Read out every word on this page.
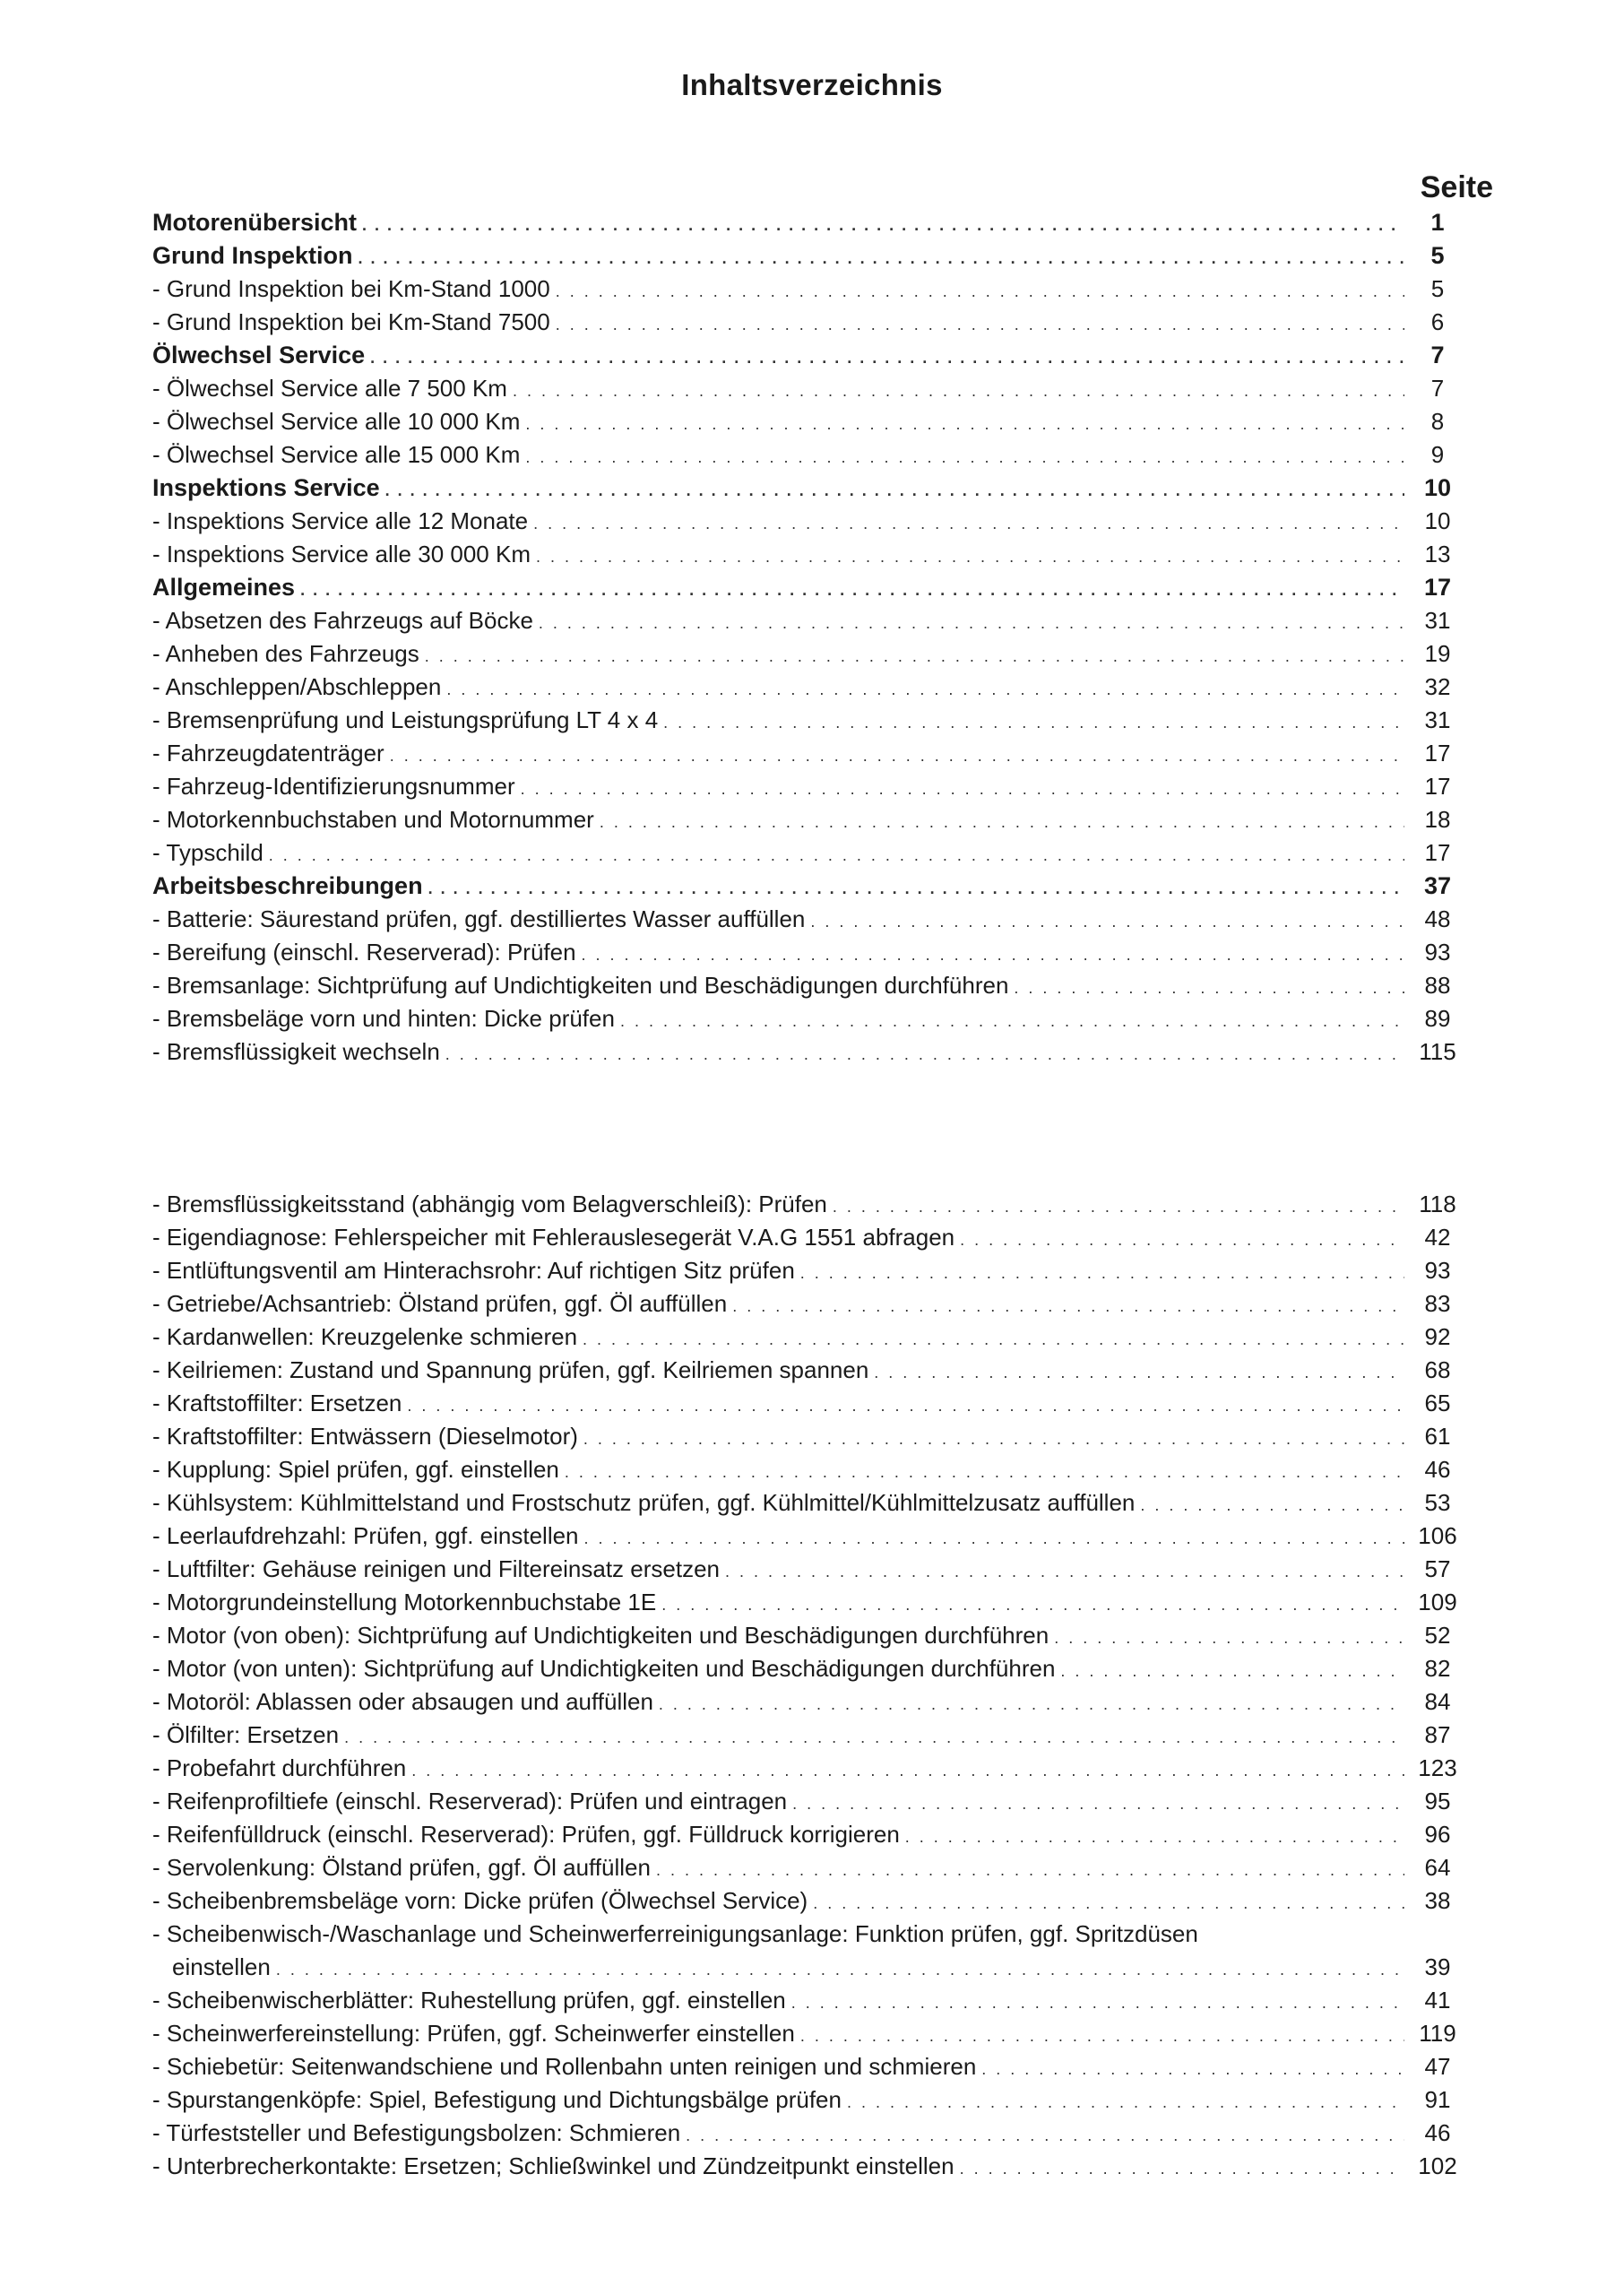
Inhaltsverzeichnis
Seite
Motorenübersicht . . .	1
Grund Inspektion . . .	5
- Grund Inspektion bei Km-Stand 1000 . . .	5
- Grund Inspektion bei Km-Stand 7500 . . .	6
Ölwechsel Service . . .	7
- Ölwechsel Service alle 7 500 Km . . .	7
- Ölwechsel Service alle 10 000 Km . . .	8
- Ölwechsel Service alle 15 000 Km . . .	9
Inspektions Service . . .	10
- Inspektions Service alle 12 Monate . . .	10
- Inspektions Service alle 30 000 Km . . .	13
Allgemeines . . .	17
- Absetzen des Fahrzeugs auf Böcke . . .	31
- Anheben des Fahrzeugs . . .	19
- Anschleppen/Abschleppen . . .	32
- Bremsenprüfung und Leistungsprüfung LT 4 x 4 . . .	31
- Fahrzeugdatenträger . . .	17
- Fahrzeug-Identifizierungsnummer . . .	17
- Motorkennbuchstaben und Motornummer . . .	18
- Typschild . . .	17
Arbeitsbeschreibungen . . .	37
- Batterie: Säurestand prüfen, ggf. destilliertes Wasser auffüllen . . .	48
- Bereifung (einschl. Reserverad): Prüfen . . .	93
- Bremsanlage: Sichtprüfung auf Undichtigkeiten und Beschädigungen durchführen . . .	88
- Bremsbeläge vorn und hinten: Dicke prüfen . . .	89
- Bremsflüssigkeit wechseln . . .	115
- Bremsflüssigkeitsstand (abhängig vom Belagverschleiß): Prüfen . . .	118
- Eigendiagnose: Fehlerspeicher mit Fehlerauslesegerät V.A.G 1551 abfragen . . .	42
- Entlüftungsventil am Hinterachsrohr: Auf richtigen Sitz prüfen . . .	93
- Getriebe/Achsantrieb: Ölstand prüfen, ggf. Öl auffüllen . . .	83
- Kardanwellen: Kreuzgelenke schmieren . . .	92
- Keilriemen: Zustand und Spannung prüfen, ggf. Keilriemen spannen . . .	68
- Kraftstoffilter: Ersetzen . . .	65
- Kraftstoffilter: Entwässern (Dieselmotor) . . .	61
- Kupplung: Spiel prüfen, ggf. einstellen . . .	46
- Kühlsystem: Kühlmittelstand und Frostschutz prüfen, ggf. Kühlmittel/Kühlmittelzusatz auffüllen . . .	53
- Leerlaufdrehzahl: Prüfen, ggf. einstellen . . .	106
- Luftfilter: Gehäuse reinigen und Filtereinsatz ersetzen . . .	57
- Motorgrundeinstellung Motorkennbuchstabe 1E . . .	109
- Motor (von oben): Sichtprüfung auf Undichtigkeiten und Beschädigungen durchführen . . .	52
- Motor (von unten): Sichtprüfung auf Undichtigkeiten und Beschädigungen durchführen . . .	82
- Motoröl: Ablassen oder absaugen und auffüllen . . .	84
- Ölfilter: Ersetzen . . .	87
- Probefahrt durchführen . . .	123
- Reifenprofiltiefe (einschl. Reserverad): Prüfen und eintragen . . .	95
- Reifenfülldruck (einschl. Reserverad): Prüfen, ggf. Fülldruck korrigieren . . .	96
- Servolenkung: Ölstand prüfen, ggf. Öl auffüllen . . .	64
- Scheibenbremsbeläge vorn: Dicke prüfen (Ölwechsel Service) . . .	38
- Scheibenwisch-/Waschanlage und Scheinwerferreinigungsanlage: Funktion prüfen, ggf. Spritzdüsen
einstellen . . .	39
- Scheibenwischerblätter: Ruhestellung prüfen, ggf. einstellen . . .	41
- Scheinwerfereinstellung: Prüfen, ggf. Scheinwerfer einstellen . . .	119
- Schiebetür: Seitenwandschiene und Rollenbahn unten reinigen und schmieren . . .	47
- Spurstangenköpfe: Spiel, Befestigung und Dichtungsbälge prüfen . . .	91
- Türfeststeller und Befestigungsbolzen: Schmieren . . .	46
- Unterbrecherkontakte: Ersetzen; Schließwinkel und Zündzeitpunkt einstellen . . .	102
